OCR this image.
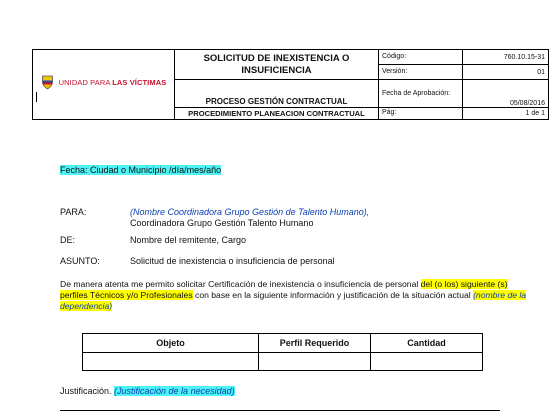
UNIDAD PARA LAS VÍCTIMAS	SOLICITUD DE INEXISTENCIA O INSUFICIENCIA	Código:	760.10.15-31
		Versión:	01
	PROCESO GESTIÓN CONTRACTUAL	Fecha de Aprobación:	05/08/2016
	PROCEDIMIENTO PLANEACION CONTRACTUAL	Pág:	1 de 1
Fecha: Ciudad o Municipio /día/mes/año
PARA:	(Nombre Coordinadora Grupo Gestión de Talento Humano),
Coordinadora Grupo Gestión Talento Humano
DE:	Nombre del remitente, Cargo
ASUNTO:	Solicitud de inexistencia o insuficiencia de personal
De manera atenta me permito solicitar Certificación de inexistencia o insuficiencia de personal del (o los) siguiente (s) perfiles Técnicos y/o Profesionales con base en la siguiente información y justificación de la situación actual (nombre de la dependencia)
Objeto	Perfil Requerido	Cantidad

Justificación. (Justificación de la necesidad)
